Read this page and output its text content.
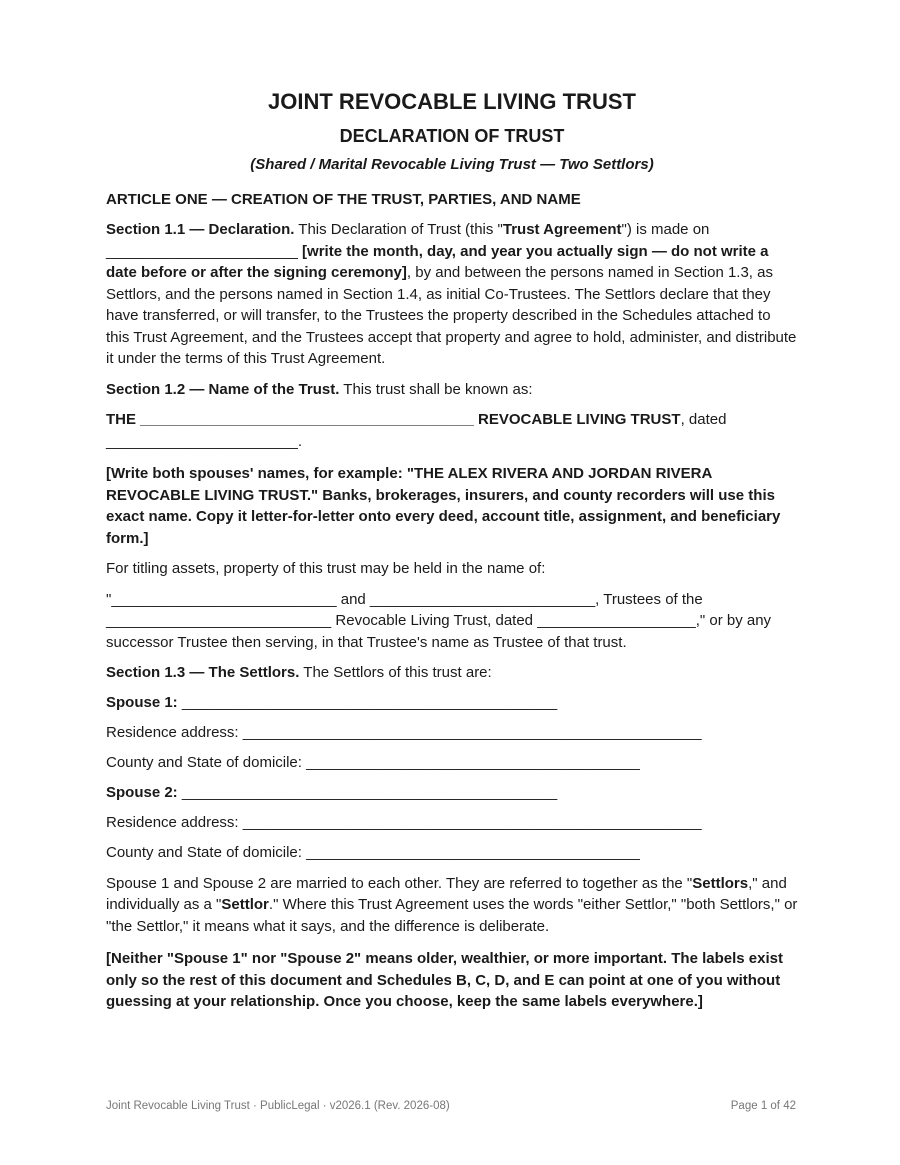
JOINT REVOCABLE LIVING TRUST
DECLARATION OF TRUST
(Shared / Marital Revocable Living Trust — Two Settlors)
ARTICLE ONE — CREATION OF THE TRUST, PARTIES, AND NAME

Section 1.1 — Declaration. This Declaration of Trust (this "Trust Agreement") is made on _______________________ [write the month, day, and year you actually sign — do not write a date before or after the signing ceremony], by and between the persons named in Section 1.3, as Settlors, and the persons named in Section 1.4, as initial Co-Trustees. The Settlors declare that they have transferred, or will transfer, to the Trustees the property described in the Schedules attached to this Trust Agreement, and the Trustees accept that property and agree to hold, administer, and distribute it under the terms of this Trust Agreement.

Section 1.2 — Name of the Trust. This trust shall be known as:

THE ________________________________________ REVOCABLE LIVING TRUST, dated
_______________________.

[Write both spouses' names, for example: "THE ALEX RIVERA AND JORDAN RIVERA REVOCABLE LIVING TRUST." Banks, brokerages, insurers, and county recorders will use this exact name. Copy it letter-for-letter onto every deed, account title, assignment, and beneficiary form.]

For titling assets, property of this trust may be held in the name of:

"___________________________ and ___________________________, Trustees of the ___________________________ Revocable Living Trust, dated ___________________," or by any successor Trustee then serving, in that Trustee's name as Trustee of that trust.

Section 1.3 — The Settlors. The Settlors of this trust are:

Spouse 1: _____________________________________________

Residence address: _______________________________________________________

County and State of domicile: ________________________________________

Spouse 2: _____________________________________________

Residence address: _______________________________________________________

County and State of domicile: ________________________________________

Spouse 1 and Spouse 2 are married to each other. They are referred to together as the "Settlors," and individually as a "Settlor." Where this Trust Agreement uses the words "either Settlor," "both Settlors," or "the Settlor," it means what it says, and the difference is deliberate.

[Neither "Spouse 1" nor "Spouse 2" means older, wealthier, or more important. The labels exist only so the rest of this document and Schedules B, C, D, and E can point at one of you without guessing at your relationship. Once you choose, keep the same labels everywhere.]

Joint Revocable Living Trust · PublicLegal · v2026.1 (Rev. 2026-08)	Page 1 of 42
